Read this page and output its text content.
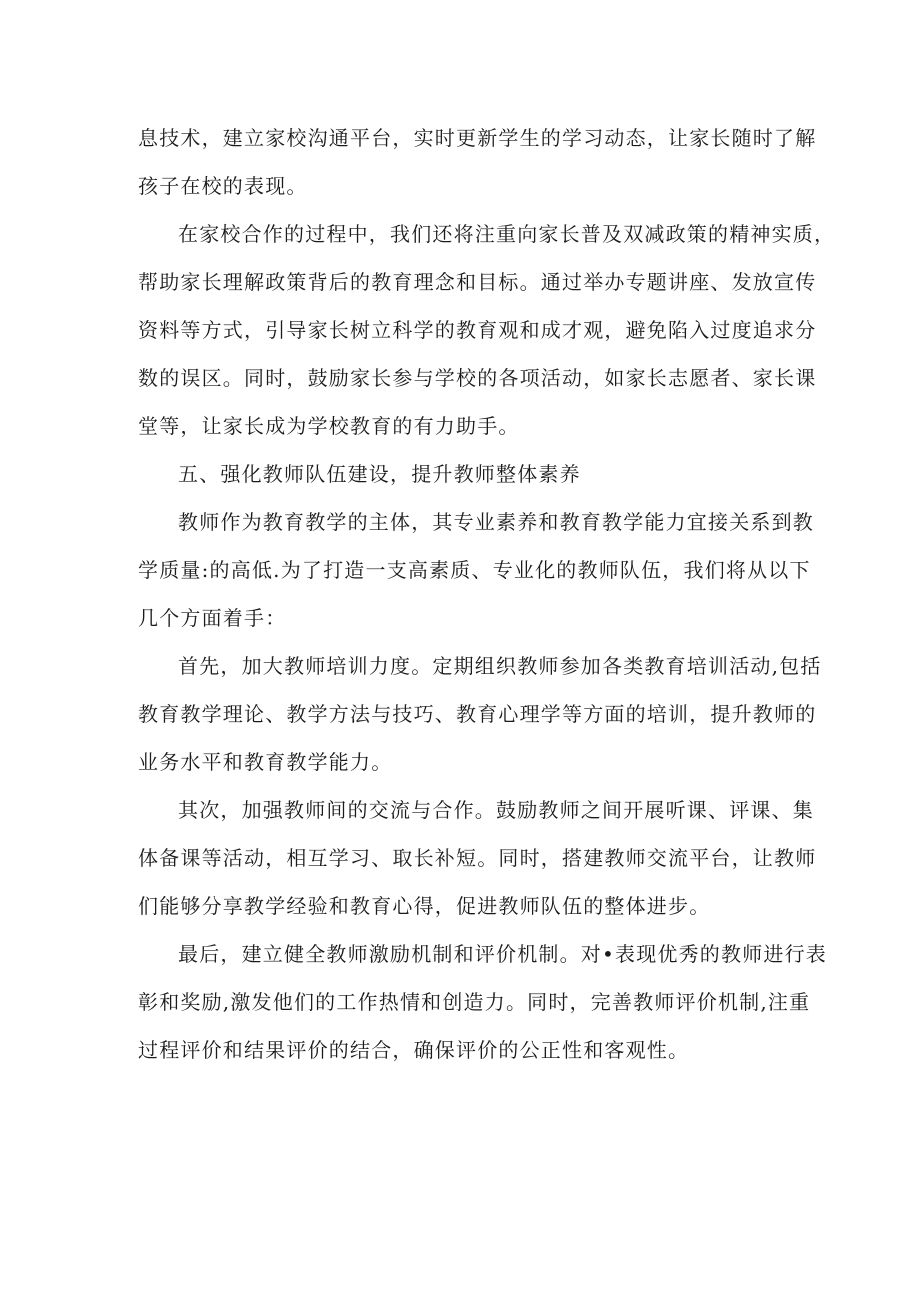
息技术，建立家校沟通平台，实时更新学生的学习动态，让家长随时了解
孩子在校的表现。

在家校合作的过程中，我们还将注重向家长普及双减政策的精神实质，
帮助家长理解政策背后的教育理念和目标。通过举办专题讲座、发放宣传
资料等方式，引导家长树立科学的教育观和成才观，避免陷入过度追求分
数的误区。同时，鼓励家长参与学校的各项活动，如家长志愿者、家长课
堂等，让家长成为学校教育的有力助手。

五、强化教师队伍建设，提升教师整体素养

教师作为教育教学的主体，其专业素养和教育教学能力宜接关系到教
学质量:的高低.为了打造一支高素质、专业化的教师队伍，我们将从以下
几个方面着手：

首先，加大教师培训力度。定期组织教师参加各类教育培训活动,包括
教育教学理论、教学方法与技巧、教育心理学等方面的培训，提升教师的
业务水平和教育教学能力。

其次，加强教师间的交流与合作。鼓励教师之间开展听课、评课、集
体备课等活动，相互学习、取长补短。同时，搭建教师交流平台，让教师
们能够分享教学经验和教育心得，促进教师队伍的整体进步。

最后，建立健全教师激励机制和评价机制。对•表现优秀的教师进行表
彰和奖励,激发他们的工作热情和创造力。同时，完善教师评价机制,注重
过程评价和结果评价的结合，确保评价的公正性和客观性。
